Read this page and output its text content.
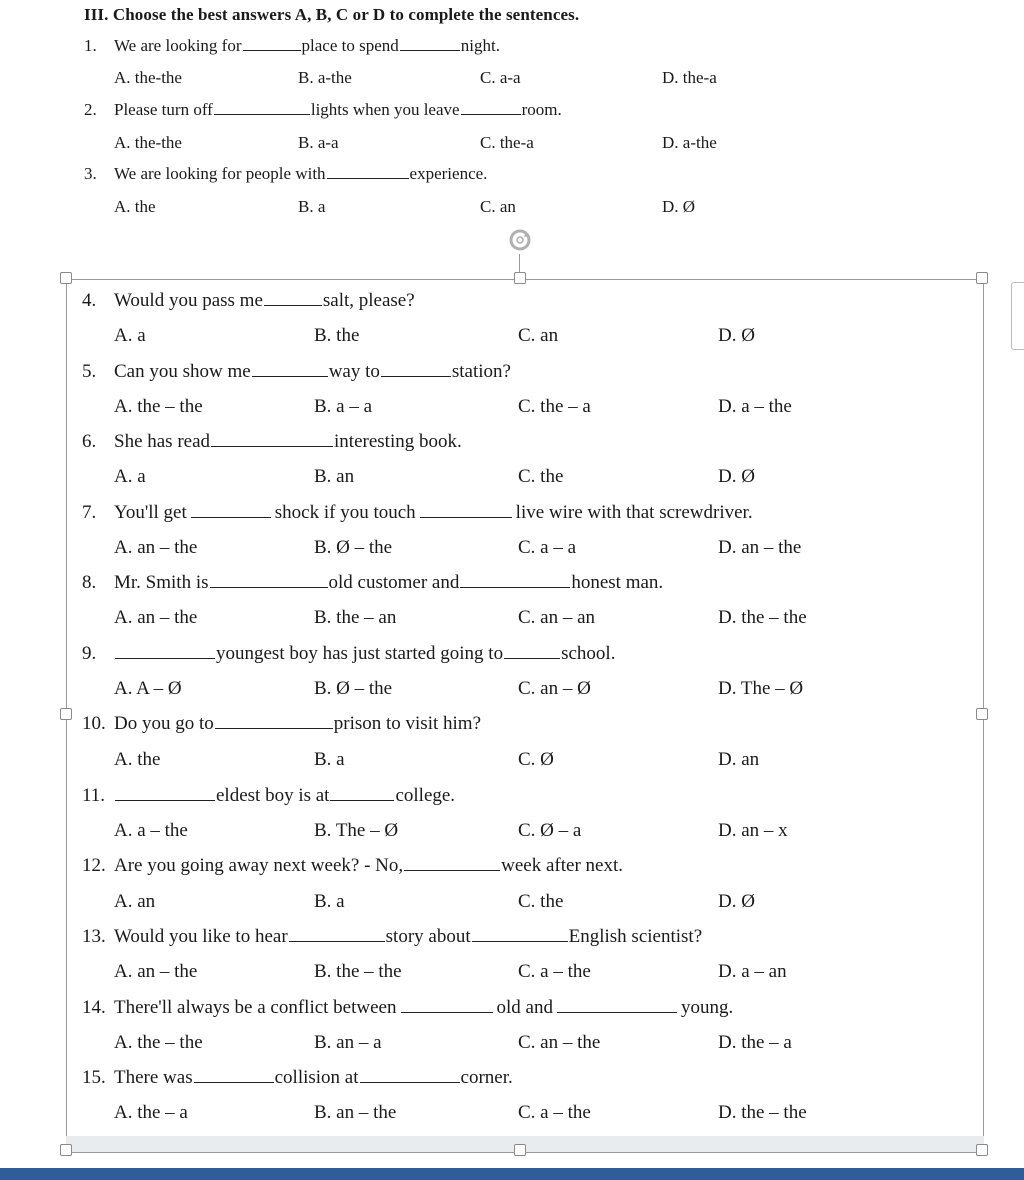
III. Choose the best answers A, B, C or D to complete the sentences.
1. We are looking for	place to spend	night.
A. the-the	B. a-the	C. a-a	D. the-a
2. Please turn off	lights when you leave	room.
A. the-the	B. a-a	C. the-a	D. a-the
3. We are looking for people with	experience.
A. the	B. a	C. an	D. Ø
4. Would you pass me	salt, please?
A. a	B. the	C. an	D. Ø
5. Can you show me	way to	station?
A. the – the	B. a – a	C. the – a	D. a – the
6. She has read	interesting book.
A. a	B. an	C. the	D. Ø
7. You'll get	shock if you touch	live wire with that screwdriver.
A. an – the	B. Ø – the	C. a – a	D. an – the
8. Mr. Smith is	old customer and	honest man.
A. an – the	B. the – an	C. an – an	D. the – the
9.	youngest boy has just started going to	school.
A. A – Ø	B. Ø – the	C. an – Ø	D. The – Ø
10. Do you go to	prison to visit him?
A. the	B. a	C. Ø	D. an
11.	eldest boy is at	college.
A. a – the	B. The – Ø	C. Ø – a	D. an – x
12. Are you going away next week? - No,	week after next.
A. an	B. a	C. the	D. Ø
13. Would you like to hear	story about	English scientist?
A. an – the	B. the – the	C. a – the	D. a – an
14. There'll always be a conflict between	old and	young.
A. the – the	B. an – a	C. an – the	D. the – a
15. There was	collision at	corner.
A. the – a	B. an – the	C. a – the	D. the – the
